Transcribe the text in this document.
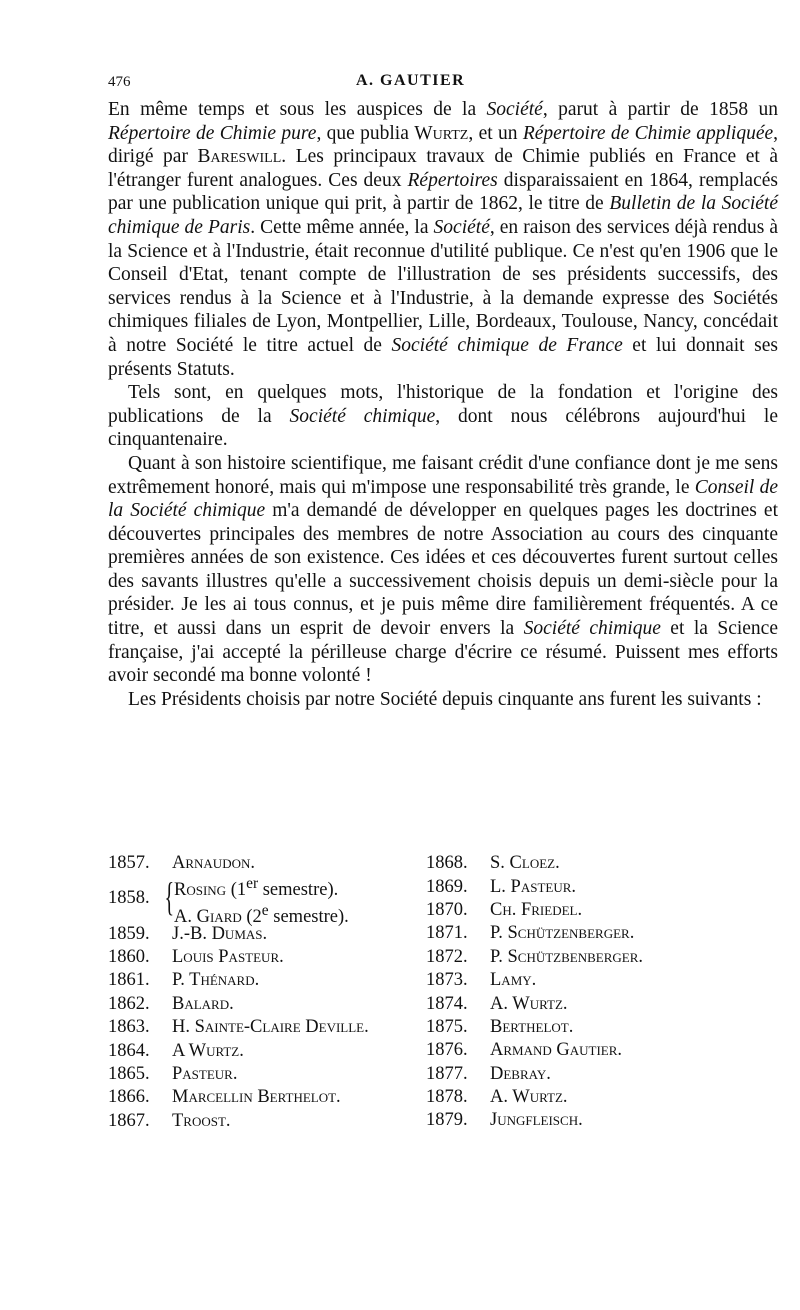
476	A. GAUTIER

En même temps et sous les auspices de la Société, parut à partir de 1858 un Répertoire de Chimie pure, que publia Wurtz, et un Répertoire de Chimie appliquée, dirigé par Bareswill. Les principaux travaux de Chimie publiés en France et à l'étranger furent analogues. Ces deux Répertoires disparaissaient en 1864, remplacés par une publication unique qui prit, à partir de 1862, le titre de Bulletin de la Société chimique de Paris. Cette même année, la Société, en raison des services déjà rendus à la Science et à l'Industrie, était reconnue d'utilité publique. Ce n'est qu'en 1906 que le Conseil d'Etat, tenant compte de l'illustration de ses présidents successifs, des services rendus à la Science et à l'Industrie, à la demande expresse des Sociétés chimiques filiales de Lyon, Montpellier, Lille, Bordeaux, Toulouse, Nancy, concédait à notre Société le titre actuel de Société chimique de France et lui donnait ses présents Statuts.

Tels sont, en quelques mots, l'historique de la fondation et l'origine des publications de la Société chimique, dont nous célébrons aujourd'hui le cinquantenaire.

Quant à son histoire scientifique, me faisant crédit d'une confiance dont je me sens extrêmement honoré, mais qui m'impose une responsabilité très grande, le Conseil de la Société chimique m'a demandé de développer en quelques pages les doctrines et découvertes principales des membres de notre Association au cours des cinquante premières années de son existence. Ces idées et ces découvertes furent surtout celles des savants illustres qu'elle a successivement choisis depuis un demi-siècle pour la présider. Je les ai tous connus, et je puis même dire familièrement fréquentés. A ce titre, et aussi dans un esprit de devoir envers la Société chimique et la Science française, j'ai accepté la périlleuse charge d'écrire ce résumé. Puissent mes efforts avoir secondé ma bonne volonté !

Les Présidents choisis par notre Société depuis cinquante ans furent les suivants :

1857.	Arnaudon.
1858. { Rosing (1er semestre).
A. Giard (2e semestre).
1859.	J.-B. Dumas.
1860.	Louis Pasteur.
1861.	P. Thénard.
1862.	Balard.
1863.	H. Sainte-Claire Deville.
1864.	A Wurtz.
1865.	Pasteur.
1866.	Marcellin Berthelot.
1867.	Troost.
1868.	S. Cloez.
1869.	L. Pasteur.
1870.	Ch. Friedel.
1871.	P. Schützenberger.
1872.	P. Schützbenberger.
1873.	Lamy.
1874.	A. Wurtz.
1875.	Berthelot.
1876.	Armand Gautier.
1877.	Debray.
1878.	A. Wurtz.
1879.	Jungfleisch.
